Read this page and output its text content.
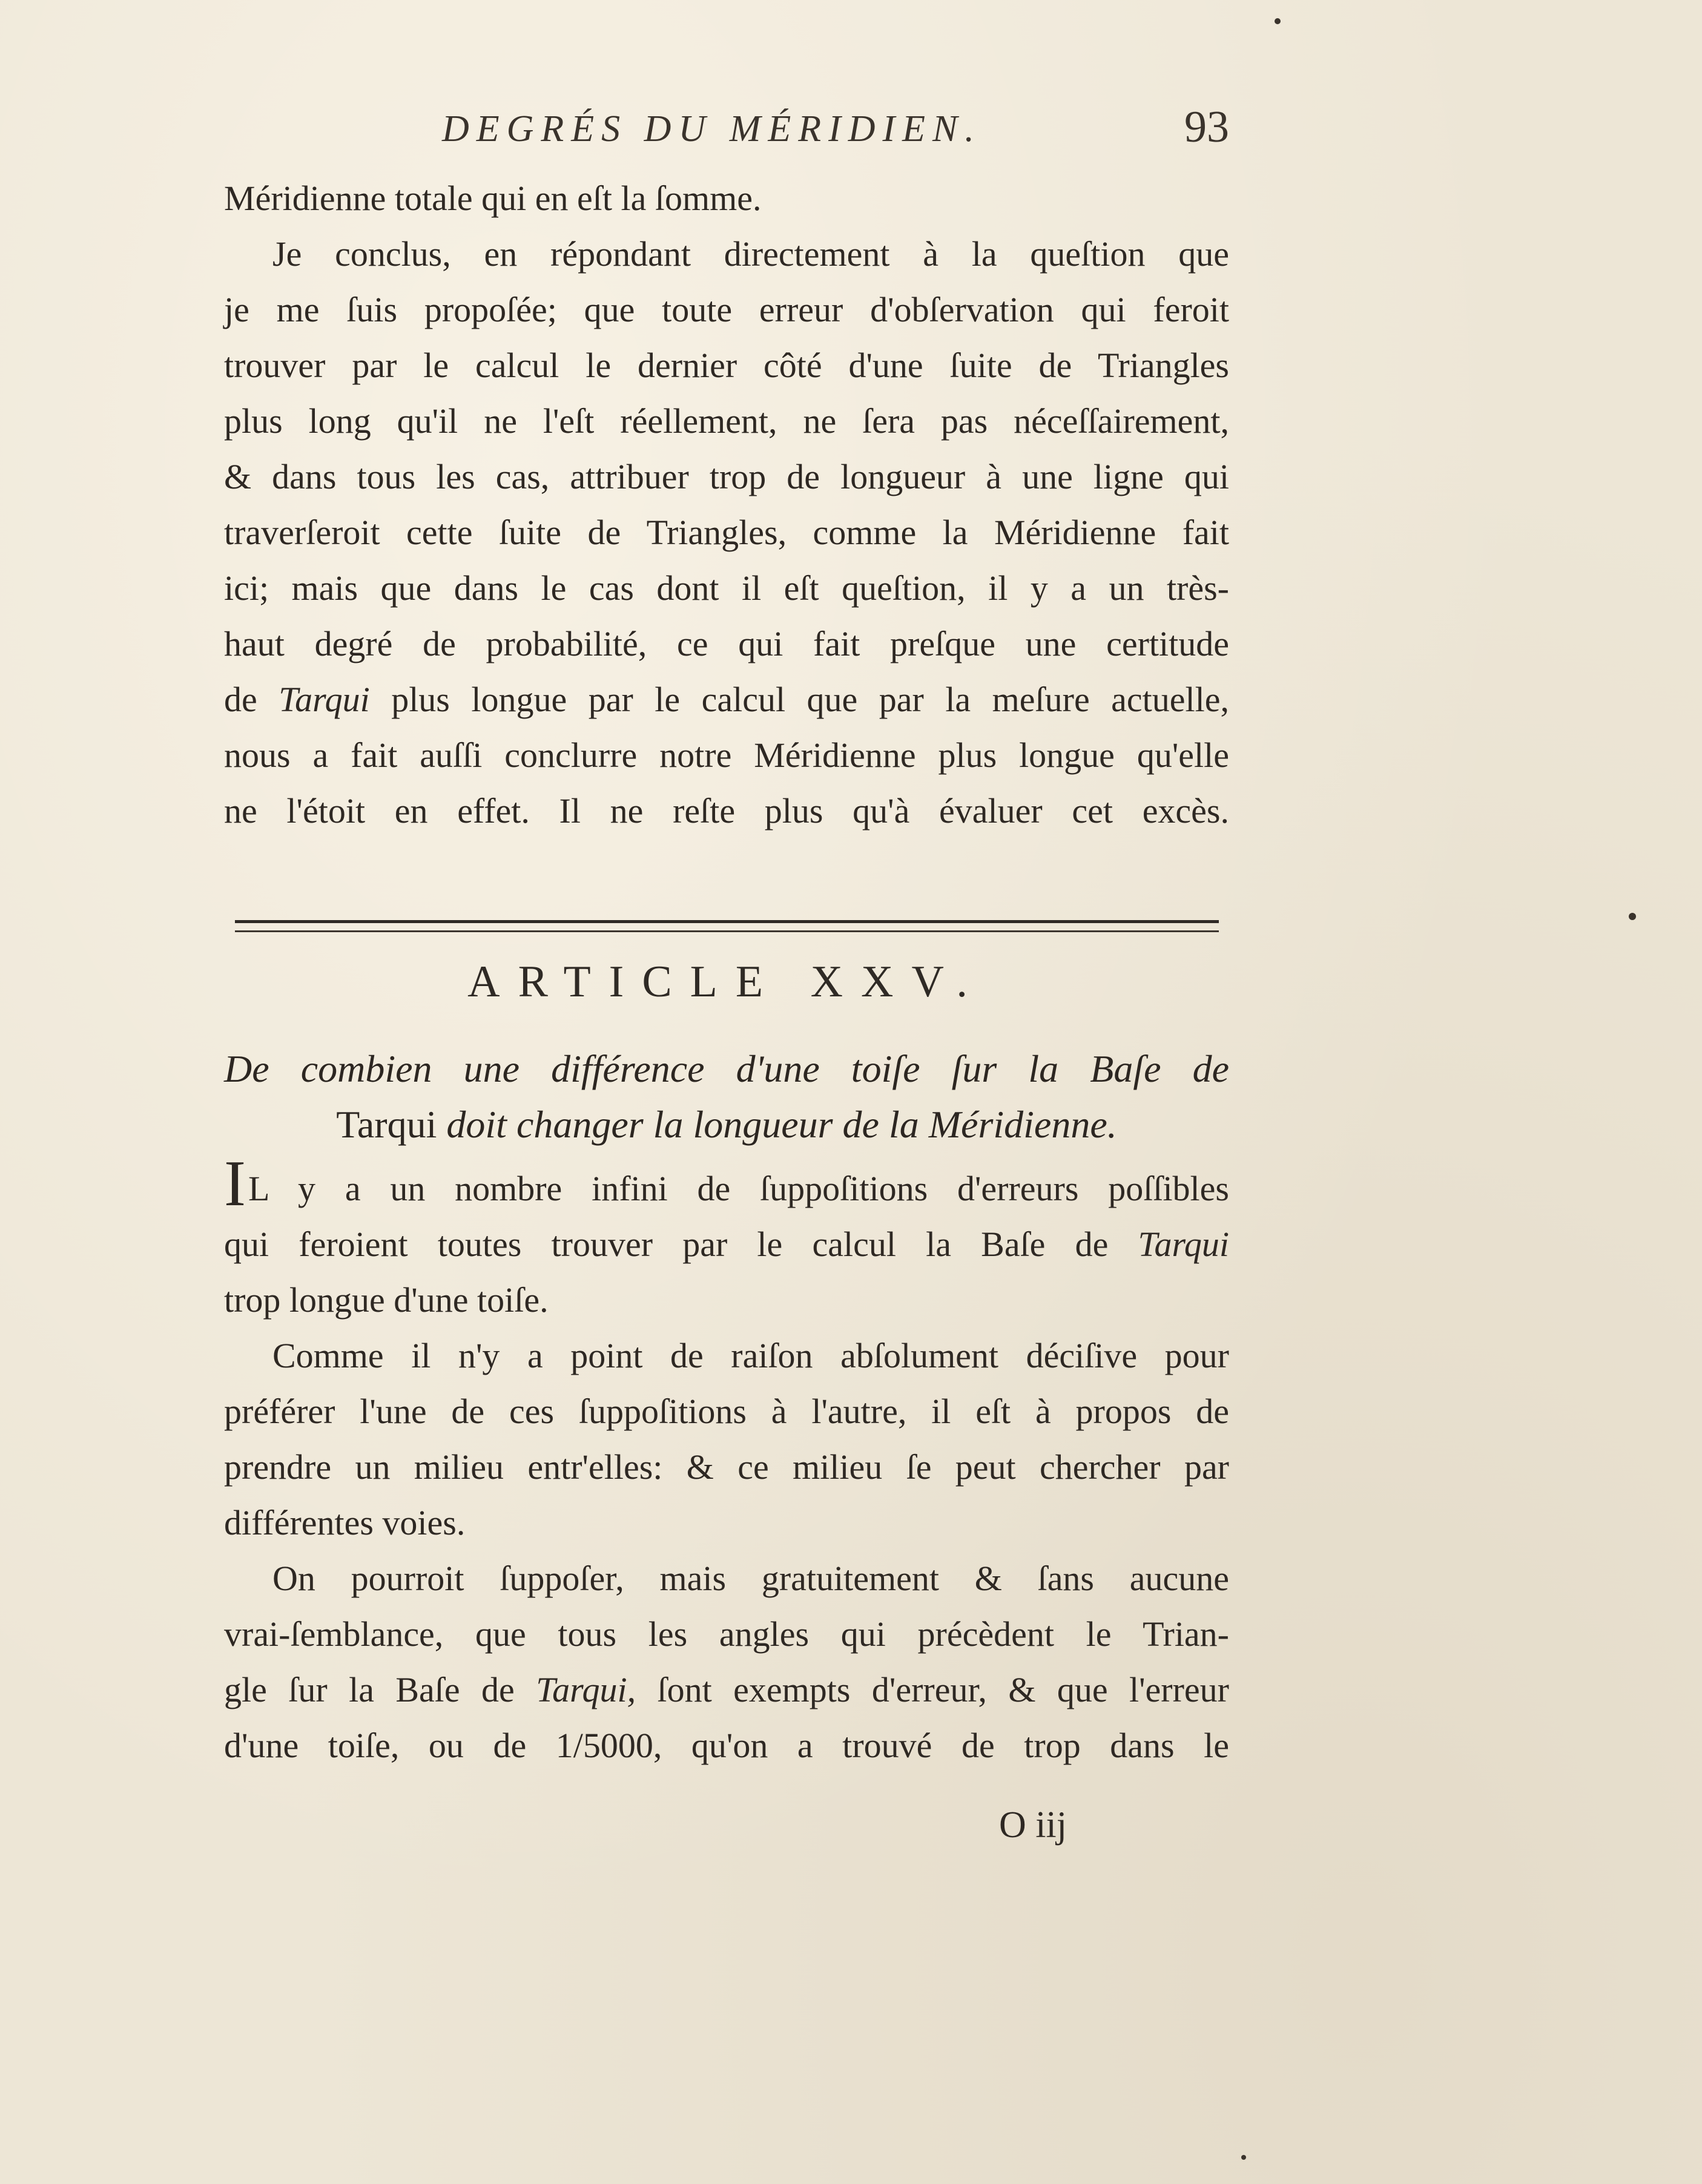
DEGRÉS DU MÉRIDIEN.	93
Méridienne totale qui en eſt la ſomme.
Je conclus, en répondant directement à la queſtion que
je me ſuis propoſée; que toute erreur d'obſervation qui feroit
trouver par le calcul le dernier côté d'une ſuite de Triangles
plus long qu'il ne l'eſt réellement, ne ſera pas néceſſairement,
& dans tous les cas, attribuer trop de longueur à une ligne qui
traverſeroit cette ſuite de Triangles, comme la Méridienne fait
ici; mais que dans le cas dont il eſt queſtion, il y a un très-
haut degré de probabilité, ce qui fait preſque une certitude
de Tarqui plus longue par le calcul que par la meſure actuelle,
nous a fait auſſi conclurre notre Méridienne plus longue qu'elle
ne l'étoit en effet. Il ne reſte plus qu'à évaluer cet excès.
ARTICLE XXV.
De combien une différence d'une toiſe ſur la Baſe de
Tarqui doit changer la longueur de la Méridienne.
IL y a un nombre infini de ſuppoſitions d'erreurs poſſibles
qui feroient toutes trouver par le calcul la Baſe de Tarqui
trop longue d'une toiſe.
Comme il n'y a point de raiſon abſolument déciſive pour
préférer l'une de ces ſuppoſitions à l'autre, il eſt à propos de
prendre un milieu entr'elles: & ce milieu ſe peut chercher par
différentes voies.
On pourroit ſuppoſer, mais gratuitement & ſans aucune
vrai-ſemblance, que tous les angles qui précèdent le Trian-
gle ſur la Baſe de Tarqui, ſont exempts d'erreur, & que l'erreur
d'une toiſe, ou de 1/5000, qu'on a trouvé de trop dans le
O iij
